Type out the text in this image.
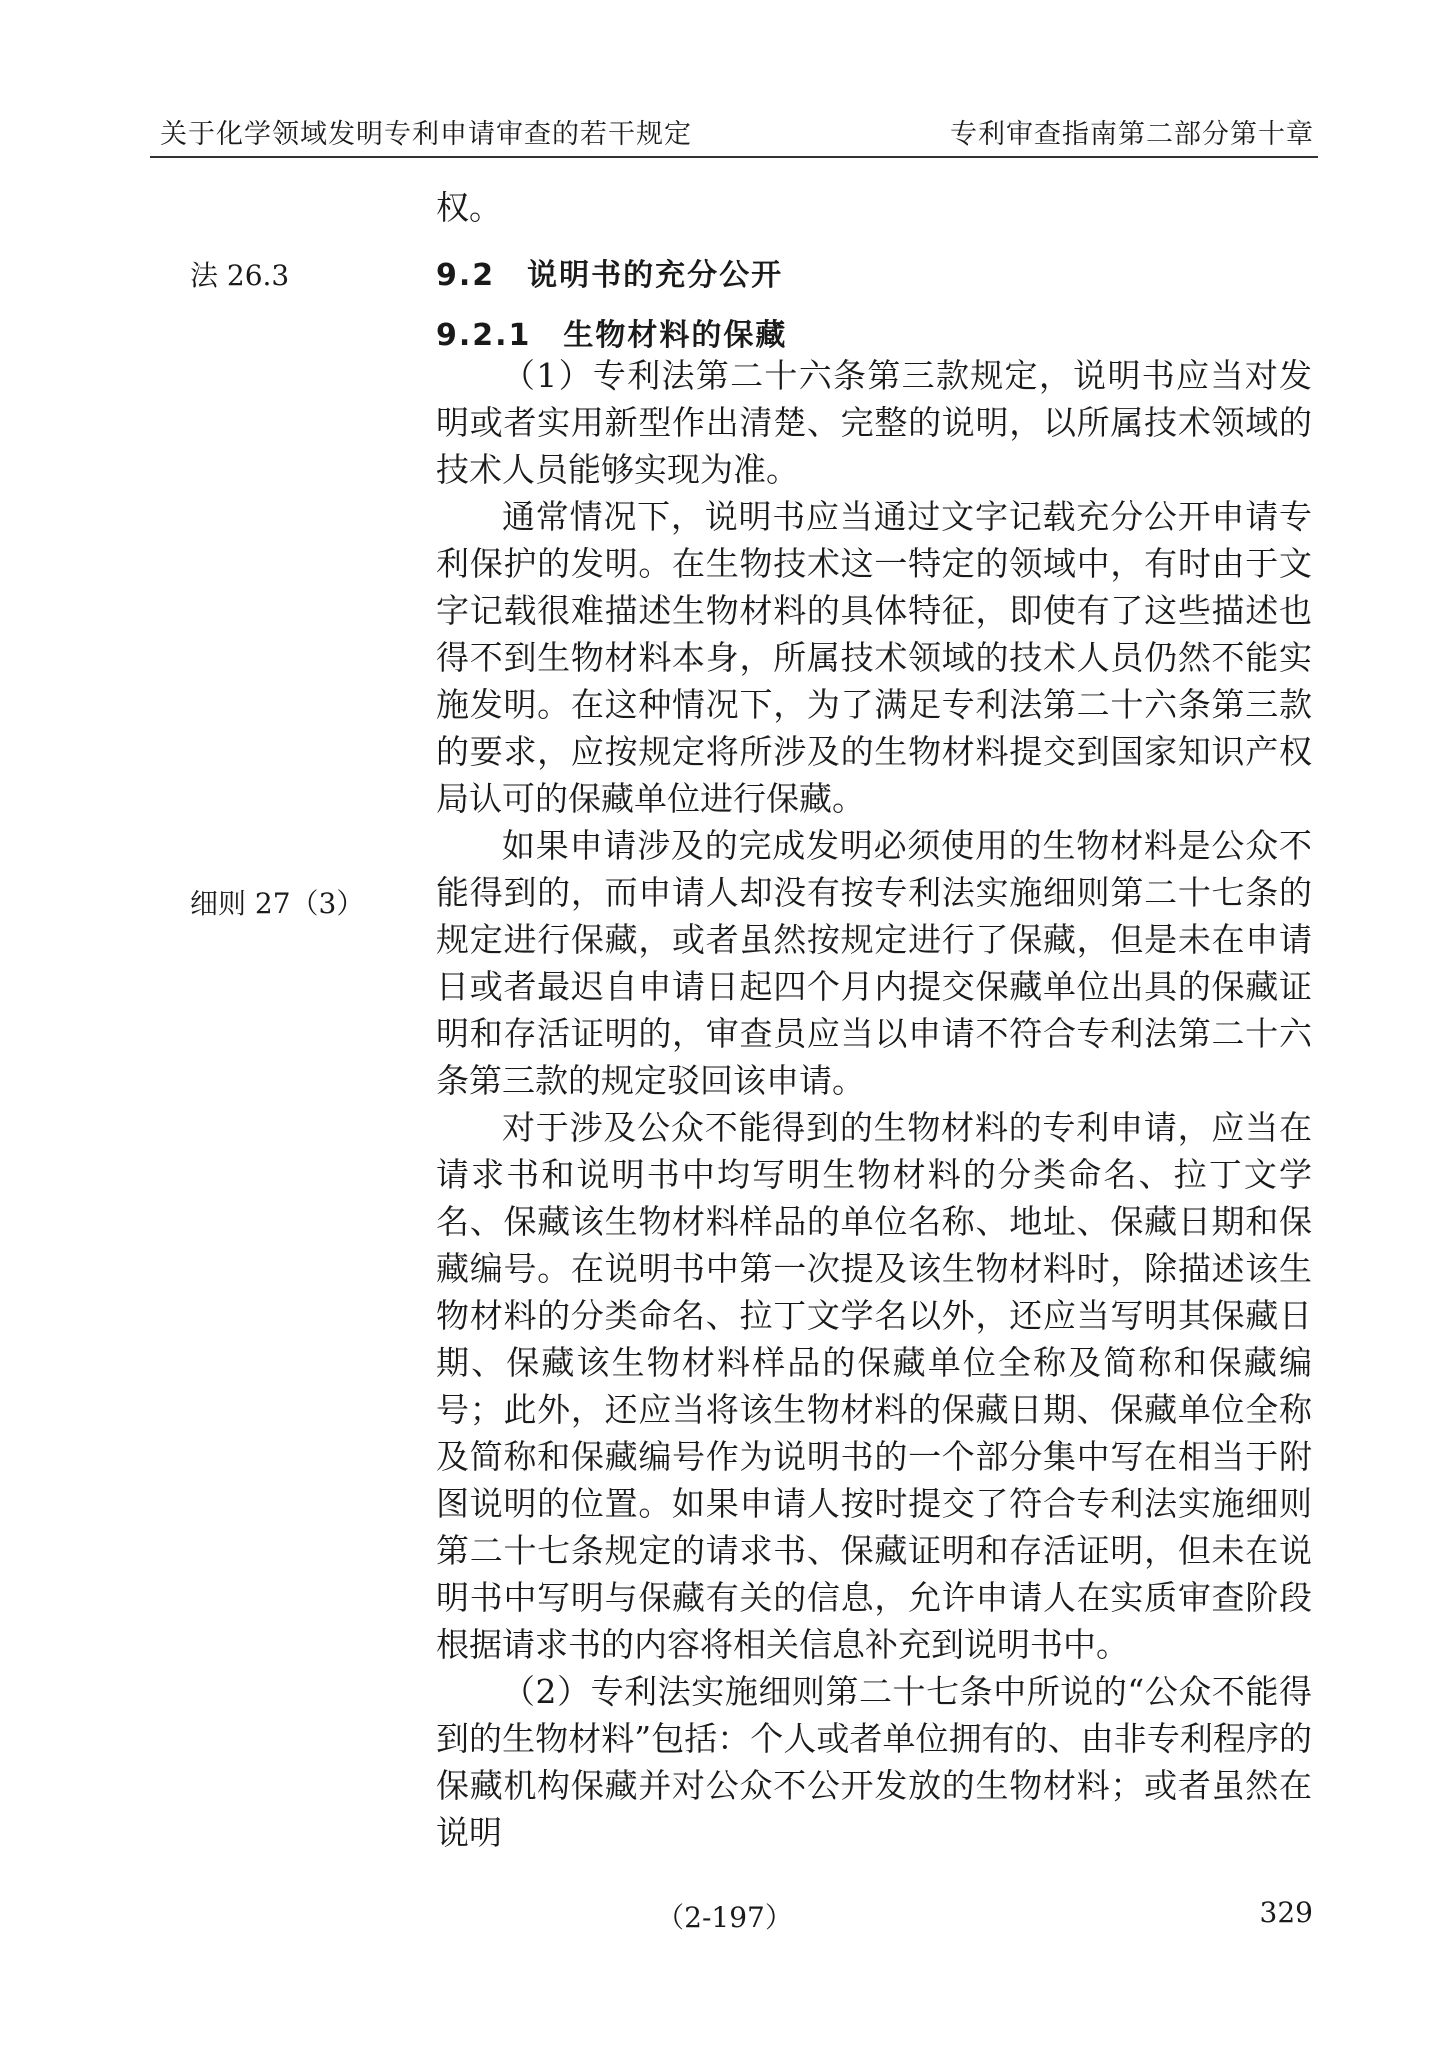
关于化学领域发明专利申请审查的若干规定	专利审查指南第二部分第十章
法 26.3
细则 27（3）

权。

9.2　说明书的充分公开
9.2.1　生物材料的保藏

（1）专利法第二十六条第三款规定，说明书应当对发明或者实用新型作出清楚、完整的说明，以所属技术领域的技术人员能够实现为准。

通常情况下，说明书应当通过文字记载充分公开申请专利保护的发明。在生物技术这一特定的领域中，有时由于文字记载很难描述生物材料的具体特征，即使有了这些描述也得不到生物材料本身，所属技术领域的技术人员仍然不能实施发明。在这种情况下，为了满足专利法第二十六条第三款的要求，应按规定将所涉及的生物材料提交到国家知识产权局认可的保藏单位进行保藏。

如果申请涉及的完成发明必须使用的生物材料是公众不能得到的，而申请人却没有按专利法实施细则第二十七条的规定进行保藏，或者虽然按规定进行了保藏，但是未在申请日或者最迟自申请日起四个月内提交保藏单位出具的保藏证明和存活证明的，审查员应当以申请不符合专利法第二十六条第三款的规定驳回该申请。

对于涉及公众不能得到的生物材料的专利申请，应当在请求书和说明书中均写明生物材料的分类命名、拉丁文学名、保藏该生物材料样品的单位名称、地址、保藏日期和保藏编号。在说明书中第一次提及该生物材料时，除描述该生物材料的分类命名、拉丁文学名以外，还应当写明其保藏日期、保藏该生物材料样品的保藏单位全称及简称和保藏编号；此外，还应当将该生物材料的保藏日期、保藏单位全称及简称和保藏编号作为说明书的一个部分集中写在相当于附图说明的位置。如果申请人按时提交了符合专利法实施细则第二十七条规定的请求书、保藏证明和存活证明，但未在说明书中写明与保藏有关的信息，允许申请人在实质审查阶段根据请求书的内容将相关信息补充到说明书中。

（2）专利法实施细则第二十七条中所说的“公众不能得到的生物材料”包括：个人或者单位拥有的、由非专利程序的保藏机构保藏并对公众不公开发放的生物材料；或者虽然在说明

（2-197）	329
